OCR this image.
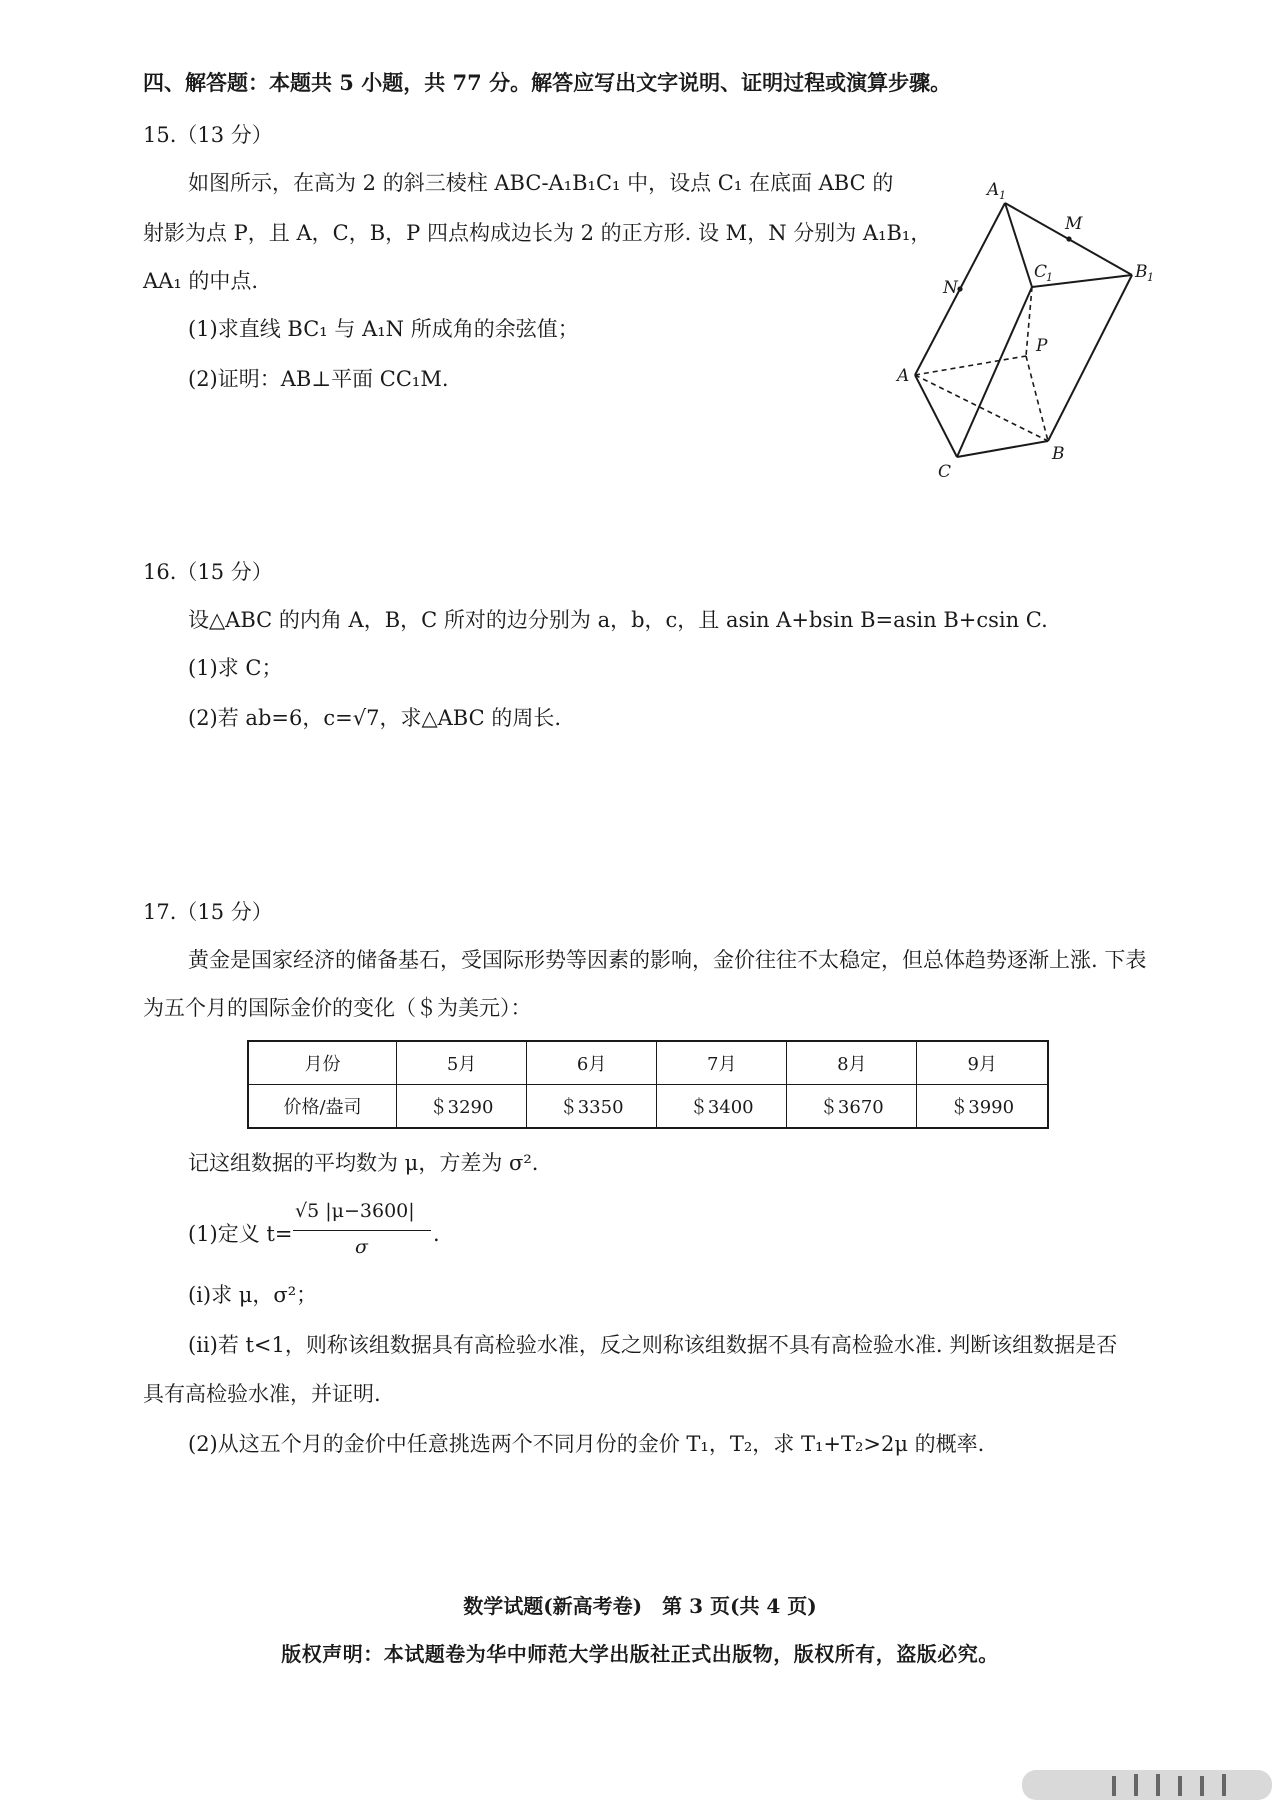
四、解答题：本题共 5 小题，共 77 分。解答应写出文字说明、证明过程或演算步骤。
15.（13 分）
如图所示，在高为 2 的斜三棱柱 ABC-A₁B₁C₁ 中，设点 C₁ 在底面 ABC 的
射影为点 P，且 A，C，B，P 四点构成边长为 2 的正方形. 设 M，N 分别为 A₁B₁，
AA₁ 的中点.
(1)求直线 BC₁ 与 A₁N 所成角的余弦值；
(2)证明：AB⊥平面 CC₁M.
A 1
M
C
1	B 1
N
P
A
B
C
16.（15 分）
设△ABC 的内角 A，B，C 所对的边分别为 a，b，c，且 asin A+bsin B=asin B+csin C.
(1)求 C；
(2)若 ab=6，c=√7，求△ABC 的周长.
17.（15 分）
黄金是国家经济的储备基石，受国际形势等因素的影响，金价往往不太稳定，但总体趋势逐渐上涨. 下表
为五个月的国际金价的变化（＄为美元）：
月份	5月	6月	7月	8月	9月
价格/盎司	＄3290	＄3350	＄3400	＄3670	＄3990
记这组数据的平均数为 μ，方差为 σ².
(1)定义 t=
√5 |μ−3600|
σ
.
(ⅰ)求 μ，σ²；
(ⅱ)若 t<1，则称该组数据具有高检验水准，反之则称该组数据不具有高检验水准. 判断该组数据是否
具有高检验水准，并证明.
(2)从这五个月的金价中任意挑选两个不同月份的金价 T₁，T₂，求 T₁+T₂>2μ 的概率.
数学试题(新高考卷)　第 3 页(共 4 页)
版权声明：本试题卷为华中师范大学出版社正式出版物，版权所有，盗版必究。
